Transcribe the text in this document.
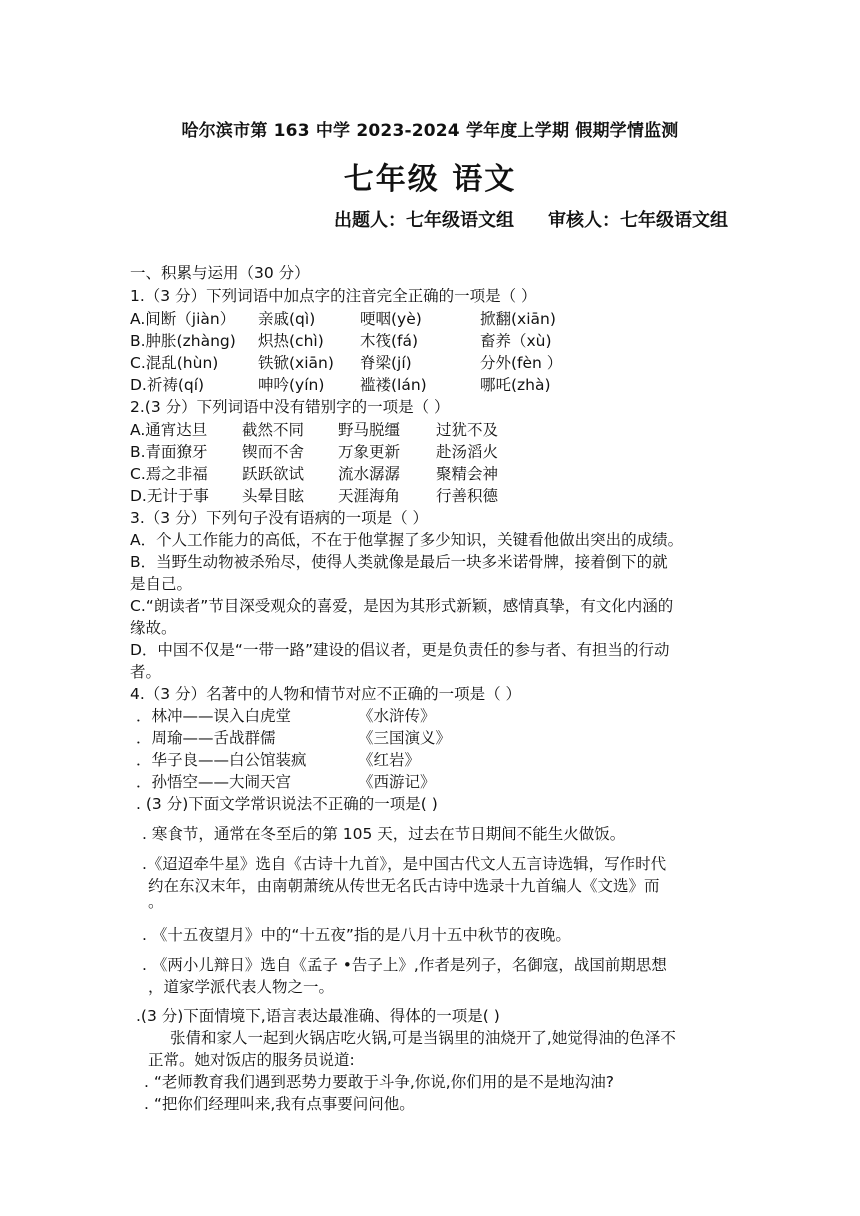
哈尔滨市第 163 中学 2023-2024 学年度上学期 假期学情监测
七年级 语文
出题人：七年级语文组 审核人：七年级语文组
一、积累与运用（30 分）
1.（3 分）下列词语中加点字的注音完全正确的一项是（ ）
A.间断（jiàn） 亲戚(qì)	哽咽(yè)	掀翻(xiān)
B.肿胀(zhàng) 炽热(chì) 木筏(fá)	畜养（xù)
C.混乱(hùn)	铁锨(xiān) 脊梁(jí)	分外(fèn ）
D.祈祷(qí)	呻吟(yín) 褴褛(lán)	哪吒(zhà)
2.(3 分）下列词语中没有错别字的一项是（ ）
A.通宵达旦 截然不同 野马脱缰 过犹不及
B.青面獠牙 锲而不舍 万象更新 赴汤滔火
C.焉之非福 跃跃欲试 流水潺潺 聚精会神
D.无计于事 头晕目眩 天涯海角 行善积德
3.（3 分）下列句子没有语病的一项是（ ）
A．个人工作能力的高低，不在于他掌握了多少知识，关键看他做出突出的成绩。
B．当野生动物被杀殆尽，使得人类就像是最后一块多米诺骨牌，接着倒下的就
是自己。
C.“朗读者”节目深受观众的喜爱，是因为其形式新颖，感情真挚，有文化内涵的
缘故。
D．中国不仅是“一带一路”建设的倡议者，更是负责任的参与者、有担当的行动
者。
4.（3 分）名著中的人物和情节对应不正确的一项是（ ）
．林冲——误入白虎堂	《水浒传》
．周瑜——舌战群儒	《三国演义》
．华子良——白公馆装疯	《红岩》
．孙悟空——大闹天宫	《西游记》
. (3 分)下面文学常识说法不正确的一项是( )
. 寒食节，通常在冬至后的第 105 天，过去在节日期间不能生火做饭。
.《迢迢牵牛星》选自《古诗十九首》，是中国古代文人五言诗选辑，写作时代
约在东汉末年，由南朝萧统从传世无名氏古诗中选录十九首编人《文选》而
。
. 《十五夜望月》中的“十五夜”指的是八月十五中秋节的夜晚。
. 《两小儿辩日》选自《孟子 •告子上》,作者是列子，名御寇，战国前期思想
，道家学派代表人物之一。
.(3 分)下面情境下,语言表达最准确、得体的一项是( )
张倩和家人一起到火锅店吃火锅,可是当锅里的油烧开了,她觉得油的色泽不
正常。她对饭店的服务员说道:
. “老师教育我们遇到恶势力要敢于斗争,你说,你们用的是不是地沟油?
. “把你们经理叫来,我有点事要问问他。
